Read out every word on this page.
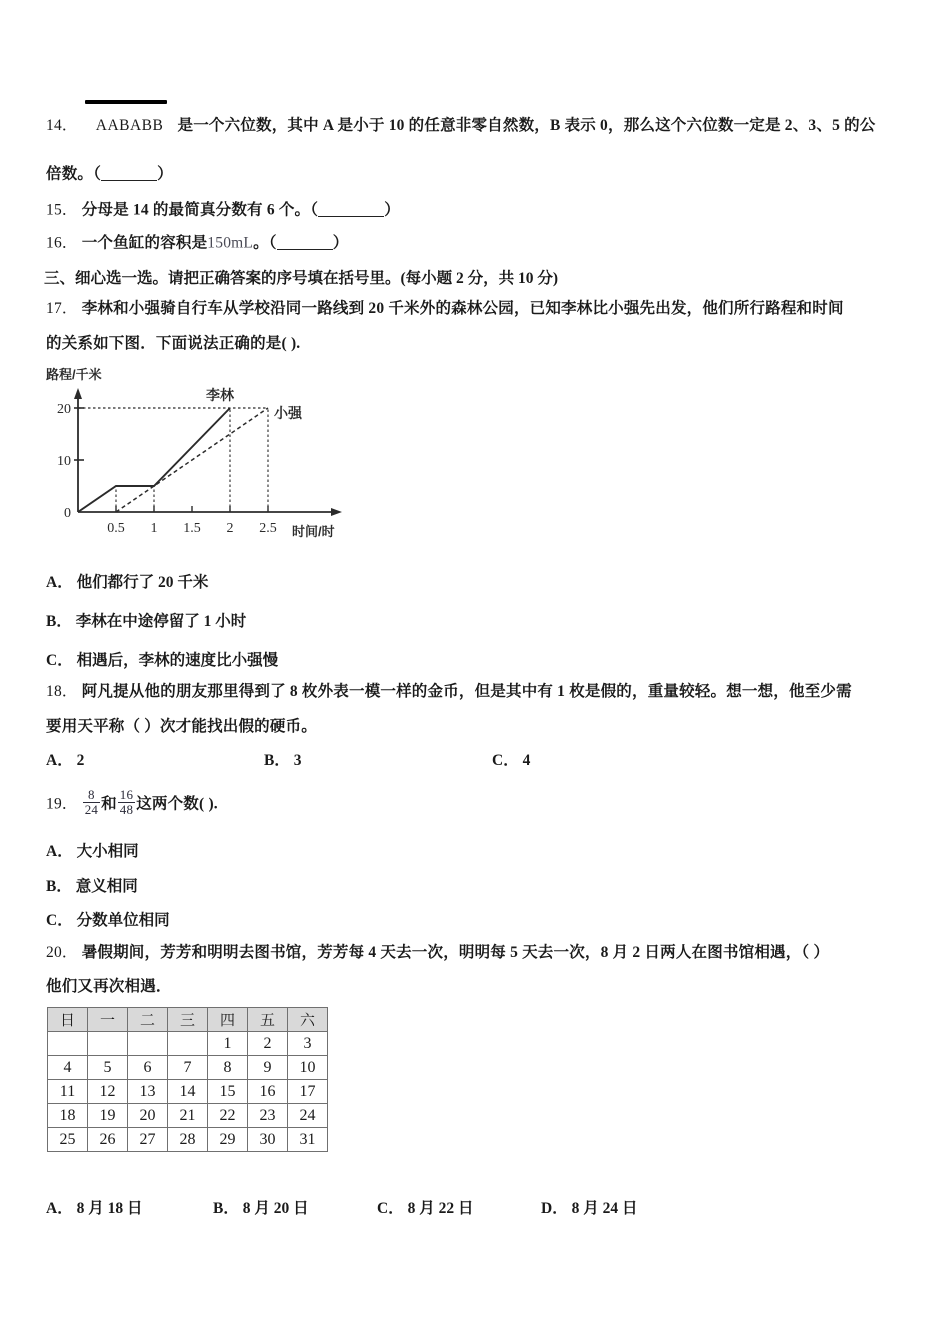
14． AABABB 是一个六位数，其中 A 是小于 10 的任意非零自然数，B 表示 0，那么这个六位数一定是 2、3、5 的公
倍数。（	）
15． 分母是 14 的最简真分数有 6 个。（	）
16． 一个鱼缸的容积是150mL。（	）
三、细心选一选。请把正确答案的序号填在括号里。(每小题 2 分，共 10 分)
17． 李林和小强骑自行车从学校沿同一路线到 20 千米外的森林公园，已知李林比小强先出发，他们所行路程和时间
的关系如下图．下面说法正确的是( ).
路程/千米
0
10
20
0.5 1 1.5 2 2.5 时间/时
李林
小强
A． 他们都行了 20 千米
B． 李林在中途停留了 1 小时
C． 相遇后，李林的速度比小强慢
18． 阿凡提从他的朋友那里得到了 8 枚外表一模一样的金币，但是其中有 1 枚是假的，重量较轻。想一想，他至少需
要用天平称（ ）次才能找出假的硬币。
A． 2	B． 3	C． 4
19． $\frac{8}{24}$ 和 $\frac{16}{48}$ 这两个数( ).
A． 大小相同
B． 意义相同
C． 分数单位相同
20． 暑假期间，芳芳和明明去图书馆，芳芳每 4 天去一次，明明每 5 天去一次，8 月 2 日两人在图书馆相遇，（ ）
他们又再次相遇．
日	一	二	三	四	五	六
				1	2	3
4	5	6	7	8	9	10
11	12	13	14	15	16	17
18	19	20	21	22	23	24
25	26	27	28	29	30	31
A． 8 月 18 日	B． 8 月 20 日	C． 8 月 22 日	D． 8 月 24 日
